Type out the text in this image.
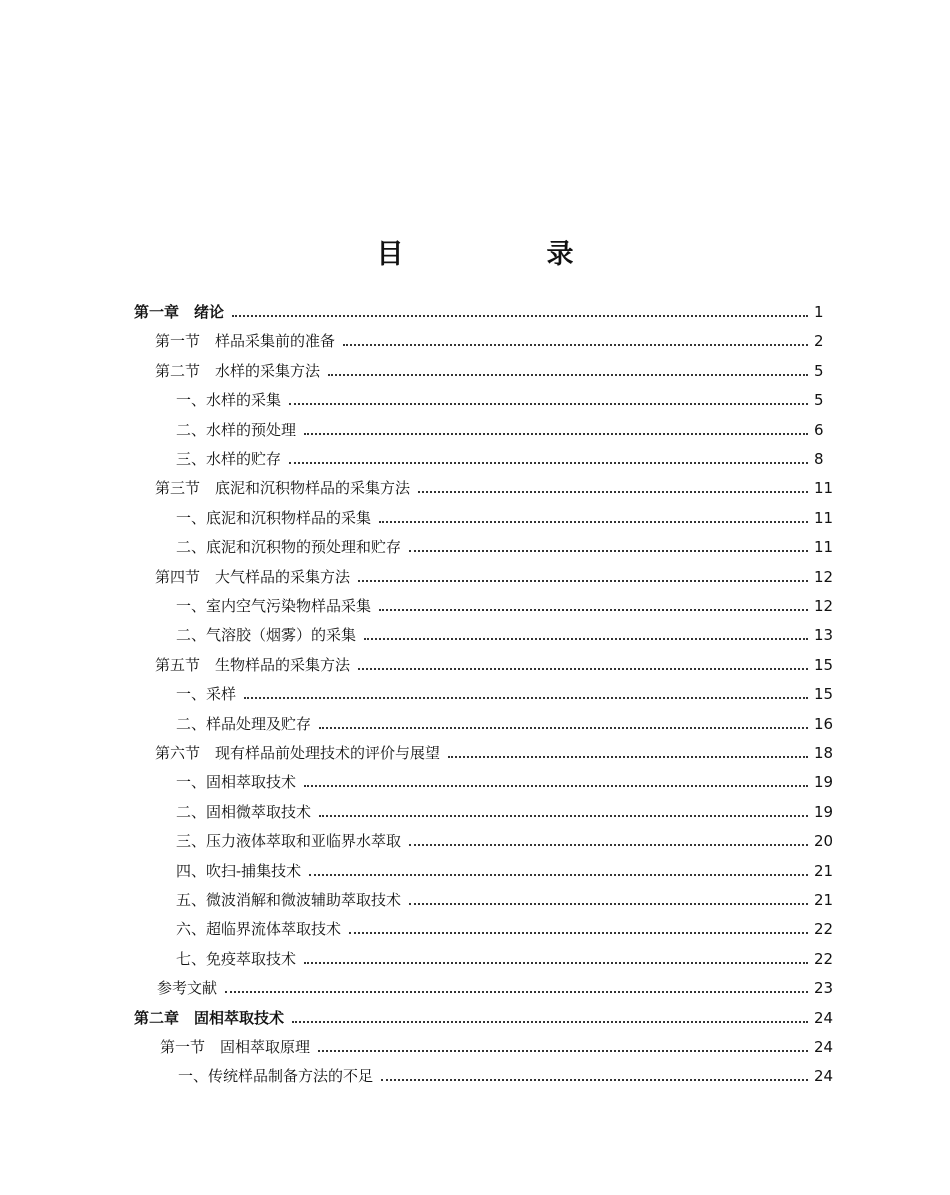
目　录
第一章　绪论	1
第一节　样品采集前的准备	2
第二节　水样的采集方法	5
一、水样的采集	5
二、水样的预处理	6
三、水样的贮存	8
第三节　底泥和沉积物样品的采集方法	11
一、底泥和沉积物样品的采集	11
二、底泥和沉积物的预处理和贮存	11
第四节　大气样品的采集方法	12
一、室内空气污染物样品采集	12
二、气溶胶（烟雾）的采集	13
第五节　生物样品的采集方法	15
一、采样	15
二、样品处理及贮存	16
第六节　现有样品前处理技术的评价与展望	18
一、固相萃取技术	19
二、固相微萃取技术	19
三、压力液体萃取和亚临界水萃取	20
四、吹扫-捕集技术	21
五、微波消解和微波辅助萃取技术	21
六、超临界流体萃取技术	22
七、免疫萃取技术	22
参考文献	23
第二章　固相萃取技术	24
第一节　固相萃取原理	24
一、传统样品制备方法的不足	24
